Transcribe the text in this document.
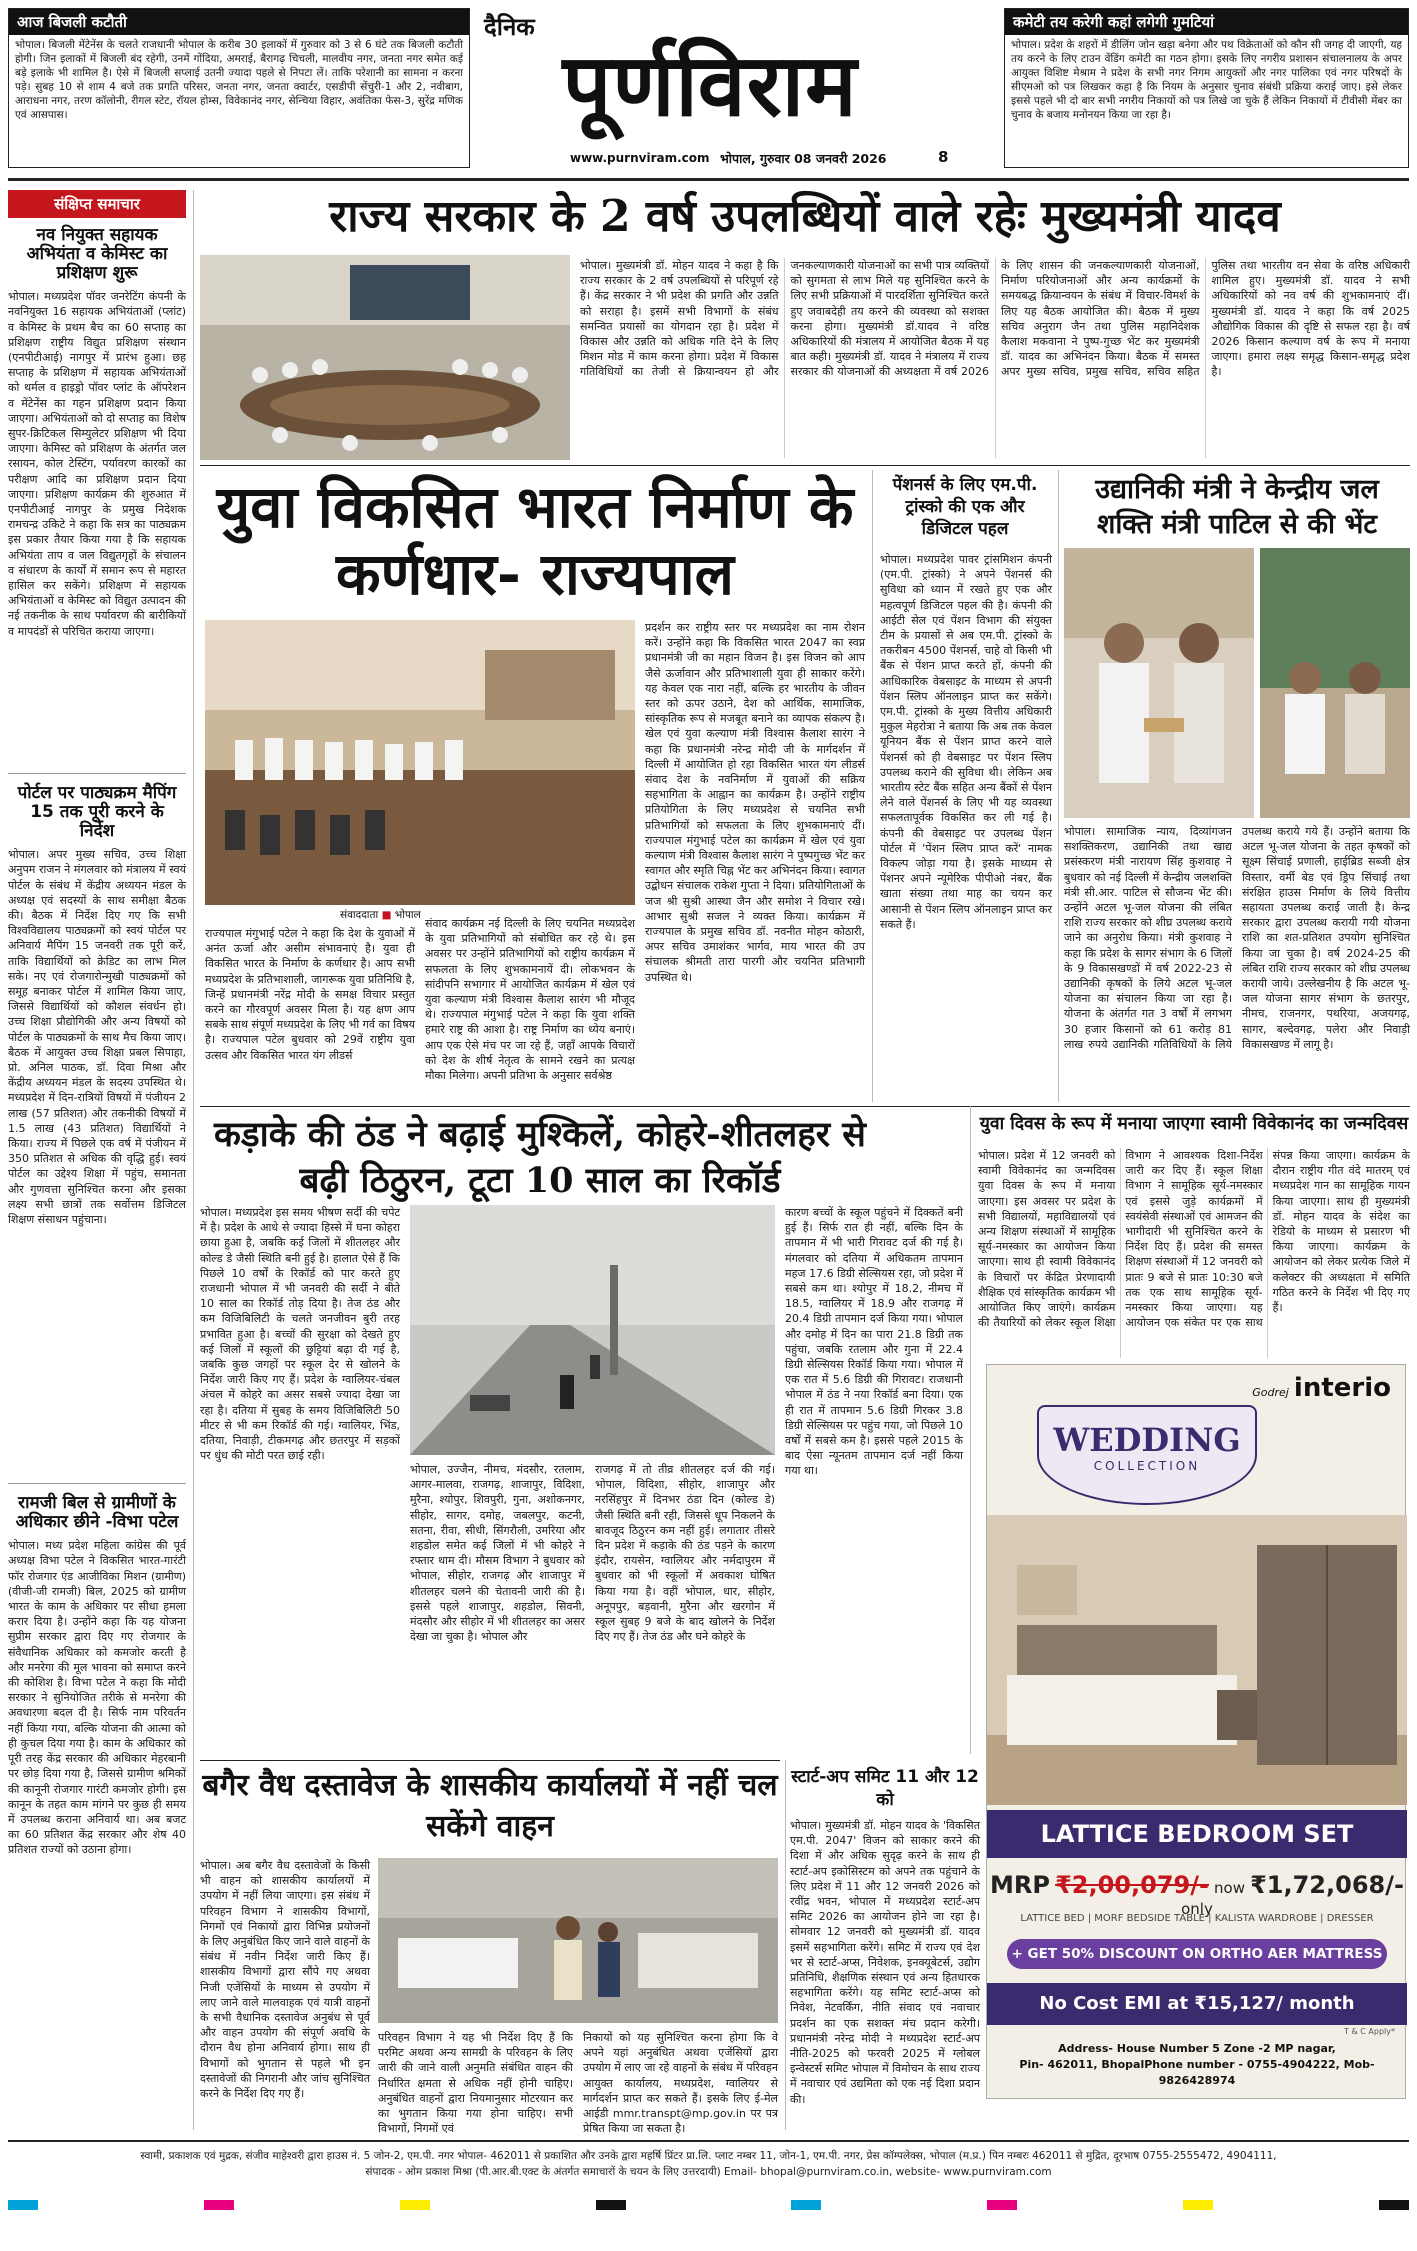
आज बिजली कटौती
भोपाल। बिजली मेंटेनेंस के चलते राजधानी भोपाल के करीब 30 इलाकों में गुरुवार को 3 से 6 घंटे तक बिजली कटौती होगी। जिन इलाकों में बिजली बंद रहेगी, उनमें गोंदिया, अमराई, बैरागढ़ चिचली, मालवीय नगर, जनता नगर समेत कई बड़े इलाके भी शामिल है। ऐसे में बिजली सप्लाई उतनी ज्यादा पहले से निपटा लें। ताकि परेशानी का सामना न करना पड़े। सुबह 10 से शाम 4 बजे तक प्रगति परिसर, जनता नगर, जनता क्वार्टर, एसडीपी सेंचुरी-1 और 2, नवीबाग, आराधना नगर, तरण कॉलोनी, रीगल स्टेट, रॉयल होम्स, विवेकानंद नगर, सेन्चिया विहार, अवंतिका फेस-3, सुरेंद्र मणिक एवं आसपास।
दैनिक
पूर्णविराम
www.purnviram.com भोपाल, गुरुवार 08 जनवरी 2026	8
कमेटी तय करेगी कहां लगेगी गुमटियां
भोपाल। प्रदेश के शहरों में डीलिंग जोन खड़ा बनेगा और पथ विक्रेताओं को कौन सी जगह दी जाएगी, यह तय करने के लिए टाउन वेंडिंग कमेटी का गठन होगा। इसके लिए नगरीय प्रशासन संचालनालय के अपर आयुक्त विशिष्ट मेश्राम ने प्रदेश के सभी नगर निगम आयुक्तों और नगर पालिका एवं नगर परिषदों के सीएमओ को पत्र लिखकर कहा है कि नियम के अनुसार चुनाव संबंधी प्रक्रिया कराई जाए। इसे लेकर इससे पहले भी दो बार सभी नगरीय निकायों को पत्र लिखे जा चुके हैं लेकिन निकायों में टीवीसी मेंबर का चुनाव के बजाय मनोनयन किया जा रहा है।
संक्षिप्त समाचार
नव नियुक्त सहायक अभियंता व केमिस्ट का प्रशिक्षण शुरू
भोपाल। मध्यप्रदेश पॉवर जनरेटिंग कंपनी के नवनियुक्त 16 सहायक अभियंताओं (प्लांट) व केमिस्ट के प्रथम बैच का 60 सप्ताह का प्रशिक्षण राष्ट्रीय विद्युत प्रशिक्षण संस्थान (एनपीटीआई) नागपुर में प्रारंभ हुआ। छह सप्ताह के प्रशिक्षण में सहायक अभियंताओं को थर्मल व हाइड्रो पॉवर प्लांट के ऑपरेशन व मेंटेनेंस का गहन प्रशिक्षण प्रदान किया जाएगा। अभियंताओं को दो सप्ताह का विशेष सुपर-क्रिटिकल सिम्युलेटर प्रशिक्षण भी दिया जाएगा। केमिस्ट को प्रशिक्षण के अंतर्गत जल रसायन, कोल टेस्टिंग, पर्यावरण कारकों का परीक्षण आदि का प्रशिक्षण प्रदान दिया जाएगा। प्रशिक्षण कार्यक्रम की शुरुआत में एनपीटीआई नागपुर के प्रमुख निदेशक रामचन्द्र उकिटे ने कहा कि सत्र का पाठ्यक्रम इस प्रकार तैयार किया गया है कि सहायक अभियंता ताप व जल विद्युतगृहों के संचालन व संधारण के कार्यों में समान रूप से महारत हासिल कर सकेंगे। प्रशिक्षण में सहायक अभियंताओं व केमिस्ट को विद्युत उत्पादन की नई तकनीक के साथ पर्यावरण की बारीकियों व मापदंडों से परिचित कराया जाएगा।
पोर्टल पर पाठ्यक्रम मैपिंग 15 तक पूरी करने के निर्देश
भोपाल। अपर मुख्य सचिव, उच्च शिक्षा अनुपम राजन ने मंगलवार को मंत्रालय में स्वयं पोर्टल के संबंध में केंद्रीय अध्ययन मंडल के अध्यक्ष एवं सदस्यों के साथ समीक्षा बैठक की। बैठक में निर्देश दिए गए कि सभी विश्वविद्यालय पाठ्यक्रमों को स्वयं पोर्टल पर अनिवार्य मैपिंग 15 जनवरी तक पूरी करें, ताकि विद्यार्थियों को क्रेडिट का लाभ मिल सके। नए एवं रोजगारोन्मुखी पाठ्यक्रमों को समूह बनाकर पोर्टल में शामिल किया जाए, जिससे विद्यार्थियों को कौशल संवर्धन हो। उच्च शिक्षा प्रौद्योगिकी और अन्य विषयों को पोर्टल के पाठ्यक्रमों के साथ मैच किया जाए। बैठक में आयुक्त उच्च शिक्षा प्रबल सिपाहा, प्रो. अनिल पाठक, डॉ. दिवा मिश्रा और केंद्रीय अध्ययन मंडल के सदस्य उपस्थित थे। मध्यप्रदेश में दिन-रात्रियों विषयों में पंजीयन 2 लाख (57 प्रतिशत) और तकनीकी विषयों में 1.5 लाख (43 प्रतिशत) विद्यार्थियों ने किया। राज्य में पिछले एक वर्ष में पंजीयन में 350 प्रतिशत से अधिक की वृद्धि हुई। स्वयं पोर्टल का उद्देश्य शिक्षा में पहुंच, समानता और गुणवत्ता सुनिश्चित करना और इसका लक्ष्य सभी छात्रों तक सर्वोत्तम डिजिटल शिक्षण संसाधन पहुंचाना।
रामजी बिल से ग्रामीणों के अधिकार छीने -विभा पटेल
भोपाल। मध्य प्रदेश महिला कांग्रेस की पूर्व अध्यक्ष विभा पटेल ने विकसित भारत-गारंटी फॉर रोजगार एंड आजीविका मिशन (ग्रामीण) (वीजी-जी रामजी) बिल, 2025 को ग्रामीण भारत के काम के अधिकार पर सीधा हमला करार दिया है। उन्होंने कहा कि यह योजना सुप्रीम सरकार द्वारा दिए गए रोजगार के संवैधानिक अधिकार को कमजोर करती है और मनरेगा की मूल भावना को समाप्त करने की कोशिश है। विभा पटेल ने कहा कि मोदी सरकार ने सुनियोजित तरीके से मनरेगा की अवधारणा बदल दी है। सिर्फ नाम परिवर्तन नहीं किया गया, बल्कि योजना की आत्मा को ही कुचल दिया गया है। काम के अधिकार को पूरी तरह केंद्र सरकार की अधिकार मेहरबानी पर छोड़ दिया गया है, जिससे ग्रामीण श्रमिकों की कानूनी रोजगार गारंटी कमजोर होगी। इस कानून के तहत काम मांगने पर कुछ ही समय में उपलब्ध कराना अनिवार्य था। अब बजट का 60 प्रतिशत केंद्र सरकार और शेष 40 प्रतिशत राज्यों को उठाना होगा।
राज्य सरकार के 2 वर्ष उपलब्धियों वाले रहेः मुख्यमंत्री यादव
भोपाल। मुख्यमंत्री डॉ. मोहन यादव ने कहा है कि राज्य सरकार के 2 वर्ष उपलब्धियों से परिपूर्ण रहे हैं। केंद्र सरकार ने भी प्रदेश की प्रगति और उन्नति को सराहा है। इसमें सभी विभागों के संबंध समन्वित प्रयासों का योगदान रहा है। प्रदेश में विकास और उन्नति को अधिक गति देने के लिए मिशन मोड में काम करना होगा। प्रदेश में विकास गतिविधियों का तेजी से क्रियान्वयन हो और जनकल्याणकारी योजनाओं का सभी पात्र व्यक्तियों को सुगमता से लाभ मिले यह सुनिश्चित करने के लिए सभी प्रक्रियाओं में पारदर्शिता सुनिश्चित करते हुए जवाबदेही तय करने की व्यवस्था को सशक्त करना होगा। मुख्यमंत्री डॉ.यादव ने वरिष्ठ अधिकारियों की मंत्रालय में आयोजित बैठक में यह बात कही। मुख्यमंत्री डॉ. यादव ने मंत्रालय में राज्य सरकार की योजनाओं की अध्यक्षता में वर्ष 2026 के लिए शासन की जनकल्याणकारी योजनाओं, निर्माण परियोजनाओं और अन्य कार्यक्रमों के समयबद्ध क्रियान्वयन के संबंध में विचार-विमर्श के लिए यह बैठक आयोजित की। बैठक में मुख्य सचिव अनुराग जैन तथा पुलिस महानिदेशक कैलाश मकवाना ने पुष्प-गुच्छ भेंट कर मुख्यमंत्री डॉ. यादव का अभिनंदन किया। बैठक में समस्त अपर मुख्य सचिव, प्रमुख सचिव, सचिव सहित पुलिस तथा भारतीय वन सेवा के वरिष्ठ अधिकारी शामिल हुए। मुख्यमंत्री डॉ. यादव ने सभी अधिकारियों को नव वर्ष की शुभकामनाएं दीं। मुख्यमंत्री डॉ. यादव ने कहा कि वर्ष 2025 औद्योगिक विकास की दृष्टि से सफल रहा है। वर्ष 2026 किसान कल्याण वर्ष के रूप में मनाया जाएगा। हमारा लक्ष्य समृद्ध किसान-समृद्ध प्रदेश है।
युवा विकसित भारत निर्माण के कर्णधार- राज्यपाल
संवाददाता ■ भोपाल
राज्यपाल मंगुभाई पटेल ने कहा कि देश के युवाओं में अनंत ऊर्जा और असीम संभावनाएं है। युवा ही विकसित भारत के निर्माण के कर्णधार है। आप सभी मध्यप्रदेश के प्रतिभाशाली, जागरूक युवा प्रतिनिधि है, जिन्हें प्रधानमंत्री नरेंद्र मोदी के समक्ष विचार प्रस्तुत करने का गौरवपूर्ण अवसर मिला है। यह क्षण आप सबके साथ संपूर्ण मध्यप्रदेश के लिए भी गर्व का विषय है। राज्यपाल पटेल बुधवार को 29वें राष्ट्रीय युवा उत्सव और विकसित भारत यंग लीडर्स
संवाद कार्यक्रम नई दिल्ली के लिए चयनित मध्यप्रदेश के युवा प्रतिभागियों को संबोधित कर रहे थे। इस अवसर पर उन्होंने प्रतिभागियों को राष्ट्रीय कार्यक्रम में सफलता के लिए शुभकामनायें दी। लोकभवन के सांदीपनि सभागार में आयोजित कार्यक्रम में खेल एवं युवा कल्याण मंत्री विश्वास कैलाश सारंग भी मौजूद थे। राज्यपाल मंगुभाई पटेल ने कहा कि युवा शक्ति हमारे राष्ट्र की आशा है। राष्ट्र निर्माण का ध्येय बनाएं। आप एक ऐसे मंच पर जा रहे हैं, जहाँ आपके विचारों को देश के शीर्ष नेतृत्व के सामने रखने का प्रत्यक्ष मौका मिलेगा। अपनी प्रतिभा के अनुसार सर्वश्रेष्ठ
प्रदर्शन कर राष्ट्रीय स्तर पर मध्यप्रदेश का नाम रोशन करें। उन्होंने कहा कि विकसित भारत 2047 का स्वप्न प्रधानमंत्री जी का महान विजन है। इस विजन को आप जैसे ऊर्जावान और प्रतिभाशाली युवा ही साकार करेंगे। यह केवल एक नारा नहीं, बल्कि हर भारतीय के जीवन स्तर को ऊपर उठाने, देश को आर्थिक, सामाजिक, सांस्कृतिक रूप से मजबूत बनाने का व्यापक संकल्प है। खेल एवं युवा कल्याण मंत्री विश्वास कैलाश सारंग ने कहा कि प्रधानमंत्री नरेन्द्र मोदी जी के मार्गदर्शन में दिल्ली में आयोजित हो रहा विकसित भारत यंग लीडर्स संवाद देश के नवनिर्माण में युवाओं की सक्रिय सहभागिता के आह्वान का कार्यक्रम है। उन्होंने राष्ट्रीय प्रतियोगिता के लिए मध्यप्रदेश से चयनित सभी प्रतिभागियों को सफलता के लिए शुभकामनाएं दीं। राज्यपाल मंगुभाई पटेल का कार्यक्रम में खेल एवं युवा कल्याण मंत्री विश्वास कैलाश सारंग ने पुष्पगुच्छ भेंट कर स्वागत और स्मृति चिह्न भेंट कर अभिनंदन किया। स्वागत उद्बोधन संचालक राकेश गुप्ता ने दिया। प्रतियोगिताओं के जज श्री सुश्री आस्था जैन और समोश ने विचार रखे। आभार सुश्री सजल ने व्यक्त किया। कार्यक्रम में राज्यपाल के प्रमुख सचिव डॉ. नवनीत मोहन कोठारी, अपर सचिव उमाशंकर भार्गव, माय भारत की उप संचालक श्रीमती तारा पारगी और चयनित प्रतिभागी उपस्थित थे।
पेंशनर्स के लिए एम.पी. ट्रांस्को की एक और डिजिटल पहल
भोपाल। मध्यप्रदेश पावर ट्रांसमिशन कंपनी (एम.पी. ट्रांस्को) ने अपने पेंशनर्स की सुविधा को ध्यान में रखते हुए एक और महत्वपूर्ण डिजिटल पहल की है। कंपनी की आईटी सेल एवं पेंशन विभाग की संयुक्त टीम के प्रयासों से अब एम.पी. ट्रांस्को के तकरीबन 4500 पेंशनर्स, चाहे वो किसी भी बैंक से पेंशन प्राप्त करते हों, कंपनी की आधिकारिक वेबसाइट के माध्यम से अपनी पेंशन स्लिप ऑनलाइन प्राप्त कर सकेंगे। एम.पी. ट्रांस्को के मुख्य वित्तीय अधिकारी मुकुल मेहरोत्रा ने बताया कि अब तक केवल यूनियन बैंक से पेंशन प्राप्त करने वाले पेंशनर्स को ही वेबसाइट पर पेंशन स्लिप उपलब्ध कराने की सुविधा थी। लेकिन अब भारतीय स्टेट बैंक सहित अन्य बैंकों से पेंशन लेने वाले पेंशनर्स के लिए भी यह व्यवस्था सफलतापूर्वक विकसित कर ली गई है। कंपनी की वेबसाइट पर उपलब्ध पेंशन पोर्टल में 'पेंशन स्लिप प्राप्त करें' नामक विकल्प जोड़ा गया है। इसके माध्यम से पेंशनर अपने न्यूमेरिक पीपीओ नंबर, बैंक खाता संख्या तथा माह का चयन कर आसानी से पेंशन स्लिप ऑनलाइन प्राप्त कर सकते हैं।
उद्यानिकी मंत्री ने केन्द्रीय जल शक्ति मंत्री पाटिल से की भेंट
भोपाल। सामाजिक न्याय, दिव्यांगजन सशक्तिकरण, उद्यानिकी तथा खाद्य प्रसंस्करण मंत्री नारायण सिंह कुशवाह ने बुधवार को नई दिल्ली में केन्द्रीय जलशक्ति मंत्री सी.आर. पाटिल से सौजन्य भेंट की। उन्होंने अटल भू-जल योजना की लंबित राशि राज्य सरकार को शीघ्र उपलब्ध कराये जाने का अनुरोध किया। मंत्री कुशवाह ने कहा कि प्रदेश के सागर संभाग के 6 जिलों के 9 विकासखण्डों में वर्ष 2022-23 से उद्यानिकी कृषकों के लिये अटल भू-जल योजना का संचालन किया जा रहा है। योजना के अंतर्गत गत 3 वर्षों में लगभग 30 हजार किसानों को 61 करोड़ 81 लाख रुपये उद्यानिकी गतिविधियों के लिये उपलब्ध कराये गये हैं। उन्होंने बताया कि अटल भू-जल योजना के तहत कृषकों को सूक्ष्म सिंचाई प्रणाली, हाईब्रिड सब्जी क्षेत्र विस्तार, वर्मी बेड एवं ड्रिप सिंचाई तथा संरक्षित हाउस निर्माण के लिये वित्तीय सहायता उपलब्ध कराई जाती है। केन्द्र सरकार द्वारा उपलब्ध करायी गयी योजना राशि का शत-प्रतिशत उपयोग सुनिश्चित किया जा चुका है। वर्ष 2024-25 की लंबित राशि राज्य सरकार को शीघ्र उपलब्ध करायी जाये। उल्लेखनीय है कि अटल भू-जल योजना सागर संभाग के छतरपुर, नीमच, राजनगर, पथरिया, अजयगढ़, सागर, बल्देवगढ़, पलेरा और निवाड़ी विकासखण्ड में लागू है।
कड़ाके की ठंड ने बढ़ाई मुश्किलें, कोहरे-शीतलहर से बढ़ी ठिठुरन, टूटा 10 साल का रिकॉर्ड
भोपाल। मध्यप्रदेश इस समय भीषण सर्दी की चपेट में है। प्रदेश के आधे से ज्यादा हिस्से में घना कोहरा छाया हुआ है, जबकि कई जिलों में शीतलहर और कोल्ड डे जैसी स्थिति बनी हुई है। हालात ऐसे हैं कि पिछले 10 वर्षों के रिकॉर्ड को पार करते हुए राजधानी भोपाल में भी जनवरी की सर्दी ने बीते 10 साल का रिकॉर्ड तोड़ दिया है। तेज ठंड और कम विजिबिलिटी के चलते जनजीवन बुरी तरह प्रभावित हुआ है। बच्चों की सुरक्षा को देखते हुए कई जिलों में स्कूलों की छुट्टियां बढ़ा दी गई है, जबकि कुछ जगहों पर स्कूल देर से खोलने के निर्देश जारी किए गए हैं। प्रदेश के ग्वालियर-चंबल अंचल में कोहरे का असर सबसे ज्यादा देखा जा रहा है। दतिया में सुबह के समय विजिबिलिटी 50 मीटर से भी कम रिकॉर्ड की गई। ग्वालियर, भिंड, दतिया, निवाड़ी, टीकमगढ़ और छतरपुर में सड़कों पर धुंध की मोटी परत छाई रही।
भोपाल, उज्जैन, नीमच, मंदसौर, रतलाम, आगर-मालवा, राजगढ़, शाजापुर, विदिशा, मुरैना, श्योपुर, शिवपुरी, गुना, अशोकनगर, सीहोर, सागर, दमोह, जबलपुर, कटनी, सतना, रीवा, सीधी, सिंगरौली, उमरिया और शहडोल समेत कई जिलों में भी कोहरे ने रफ्तार थाम दी। मौसम विभाग ने बुधवार को भोपाल, सीहोर, राजगढ़ और शाजापुर में शीतलहर चलने की चेतावनी जारी की है। इससे पहले शाजापुर, शहडोल, सिवनी, मंदसौर और सीहोर में भी शीतलहर का असर देखा जा चुका है। भोपाल और
राजगढ़ में तो तीव्र शीतलहर दर्ज की गई। भोपाल, विदिशा, सीहोर, शाजापुर और नरसिंहपुर में दिनभर ठंडा दिन (कोल्ड डे) जैसी स्थिति बनी रही, जिससे धूप निकलने के बावजूद ठिठुरन कम नहीं हुई। लगातार तीसरे दिन प्रदेश में कड़ाके की ठंड पड़ने के कारण इंदौर, रायसेन, ग्वालियर और नर्मदापुरम में बुधवार को भी स्कूलों में अवकाश घोषित किया गया है। वहीं भोपाल, धार, सीहोर, अनूपपुर, बड़वानी, मुरैना और खरगोन में स्कूल सुबह 9 बजे के बाद खोलने के निर्देश दिए गए हैं। तेज ठंड और घने कोहरे के
कारण बच्चों के स्कूल पहुंचने में दिक्कतें बनी हुई हैं। सिर्फ रात ही नहीं, बल्कि दिन के तापमान में भी भारी गिरावट दर्ज की गई है। मंगलवार को दतिया में अधिकतम तापमान महज 17.6 डिग्री सेल्सियस रहा, जो प्रदेश में सबसे कम था। श्योपुर में 18.2, नीमच में 18.5, ग्वालियर में 18.9 और राजगढ़ में 20.4 डिग्री तापमान दर्ज किया गया। भोपाल और दमोह में दिन का पारा 21.8 डिग्री तक पहुंचा, जबकि रतलाम और गुना में 22.4 डिग्री सेल्सियस रिकॉर्ड किया गया। भोपाल में एक रात में 5.6 डिग्री की गिरावट। राजधानी भोपाल में ठंड ने नया रिकॉर्ड बना दिया। एक ही रात में तापमान 5.6 डिग्री गिरकर 3.8 डिग्री सेल्सियस पर पहुंच गया, जो पिछले 10 वर्षों में सबसे कम है। इससे पहले 2015 के बाद ऐसा न्यूनतम तापमान दर्ज नहीं किया गया था।
युवा दिवस के रूप में मनाया जाएगा स्वामी विवेकानंद का जन्मदिवस
भोपाल। प्रदेश में 12 जनवरी को स्वामी विवेकानंद का जन्मदिवस युवा दिवस के रूप में मनाया जाएगा। इस अवसर पर प्रदेश के सभी विद्यालयों, महाविद्यालयों एवं अन्य शिक्षण संस्थाओं में सामूहिक सूर्य-नमस्कार का आयोजन किया जाएगा। साथ ही स्वामी विवेकानंद के विचारों पर केंद्रित प्रेरणादायी शैक्षिक एवं सांस्कृतिक कार्यक्रम भी आयोजित किए जाएंगे। कार्यक्रम की तैयारियों को लेकर स्कूल शिक्षा विभाग ने आवश्यक दिशा-निर्देश जारी कर दिए हैं। स्कूल शिक्षा विभाग ने सामूहिक सूर्य-नमस्कार एवं इससे जुड़े कार्यक्रमों में स्वयंसेवी संस्थाओं एवं आमजन की भागीदारी भी सुनिश्चित करने के निर्देश दिए हैं। प्रदेश की समस्त शिक्षण संस्थाओं में 12 जनवरी को प्रातः 9 बजे से प्रातः 10:30 बजे तक एक साथ सामूहिक सूर्य-नमस्कार किया जाएगा। यह आयोजन एक संकेत पर एक साथ संपन्न किया जाएगा। कार्यक्रम के दौरान राष्ट्रीय गीत वंदे मातरम् एवं मध्यप्रदेश गान का सामूहिक गायन किया जाएगा। साथ ही मुख्यमंत्री डॉ. मोहन यादव के संदेश का रेडियो के माध्यम से प्रसारण भी किया जाएगा। कार्यक्रम के आयोजन को लेकर प्रत्येक जिले में कलेक्टर की अध्यक्षता में समिति गठित करने के निर्देश भी दिए गए हैं।
Godrej interio
WEDDING
COLLECTION
LATTICE BEDROOM SET
MRP ₹2,00,079/- now ₹1,72,068/- only
LATTICE BED | MORF BEDSIDE TABLE | KALISTA WARDROBE | DRESSER
+ GET 50% DISCOUNT ON ORTHO AER MATTRESS
No Cost EMI at ₹15,127/ month
T & C Apply*
Address- House Number 5 Zone -2 MP nagar,
Pin- 462011, BhopalPhone number - 0755-4904222, Mob-9826428974
बगैर वैध दस्तावेज के शासकीय कार्यालयों में नहीं चल सकेंगे वाहन
भोपाल। अब बगैर वैध दस्तावेजों के किसी भी वाहन को शासकीय कार्यालयों में उपयोग में नहीं लिया जाएगा। इस संबंध में परिवहन विभाग ने शासकीय विभागों, निगमों एवं निकायों द्वारा विभिन्न प्रयोजनों के लिए अनुबंधित किए जाने वाले वाहनों के संबंध में नवीन निर्देश जारी किए हैं। शासकीय विभागों द्वारा सौंपे गए अथवा निजी एजेंसियों के माध्यम से उपयोग में लाए जाने वाले मालवाहक एवं यात्री वाहनों के सभी वैधानिक दस्तावेज अनुबंध से पूर्व और वाहन उपयोग की संपूर्ण अवधि के दौरान वैध होना अनिवार्य होगा। साथ ही विभागों को भुगतान से पहले भी इन दस्तावेजों की निगरानी और जांच सुनिश्चित करने के निर्देश दिए गए हैं।
परिवहन विभाग ने यह भी निर्देश दिए हैं कि परमिट अथवा अन्य सामग्री के परिवहन के लिए जारी की जाने वाली अनुमति संबंधित वाहन की निर्धारित क्षमता से अधिक नहीं होनी चाहिए। अनुबंधित वाहनों द्वारा नियमानुसार मोटरयान कर का भुगतान किया गया होना चाहिए। सभी विभागों, निगमों एवं
निकायों को यह सुनिश्चित करना होगा कि वे अपने यहां अनुबंधित अथवा एजेंसियों द्वारा उपयोग में लाए जा रहे वाहनों के संबंध में परिवहन आयुक्त कार्यालय, मध्यप्रदेश, ग्वालियर से मार्गदर्शन प्राप्त कर सकते हैं। इसके लिए ई-मेल आईडी mmr.transpt@mp.gov.in पर पत्र प्रेषित किया जा सकता है।
स्टार्ट-अप समिट 11 और 12 को
भोपाल। मुख्यमंत्री डॉ. मोहन यादव के 'विकसित एम.पी. 2047' विजन को साकार करने की दिशा में और अधिक सुदृढ़ करने के साथ ही स्टार्ट-अप इकोसिस्टम को अपने तक पहुंचाने के लिए प्रदेश में 11 और 12 जनवरी 2026 को रवींद्र भवन, भोपाल में मध्यप्रदेश स्टार्ट-अप समिट 2026 का आयोजन होने जा रहा है। सोमवार 12 जनवरी को मुख्यमंत्री डॉ. यादव इसमें सहभागिता करेंगे। समिट में राज्य एवं देश भर से स्टार्ट-अप्स, निवेशक, इनक्यूबेटर्स, उद्योग प्रतिनिधि, शैक्षणिक संस्थान एवं अन्य हितधारक सहभागिता करेंगे। यह समिट स्टार्ट-अप्स को निवेश, नेटवर्किंग, नीति संवाद एवं नवाचार प्रदर्शन का एक सशक्त मंच प्रदान करेगी। प्रधानमंत्री नरेन्द्र मोदी ने मध्यप्रदेश स्टार्ट-अप नीति-2025 को फरवरी 2025 में ग्लोबल इन्वेस्टर्स समिट भोपाल में विमोचन के साथ राज्य में नवाचार एवं उद्यमिता को एक नई दिशा प्रदान की।
स्वामी, प्रकाशक एवं मुद्रक, संजीव माहेश्वरी द्वारा हाउस नं. 5 जोन-2, एम.पी. नगर भोपाल- 462011 से प्रकाशित और उनके द्वारा महर्षि प्रिंटर प्रा.लि. प्लाट नम्बर 11, जोन-1, एम.पी. नगर, प्रेस कॉम्पलेक्स, भोपाल (म.प्र.) पिन नम्बरः 462011 से मुद्रित, दूरभाष 0755-2555472, 4904111,
संपादक - ओम प्रकाश मिश्रा (पी.आर.बी.एक्ट के अंतर्गत समाचारों के चयन के लिए उत्तरदायी) Email- bhopal@purnviram.co.in, website- www.purnviram.com
